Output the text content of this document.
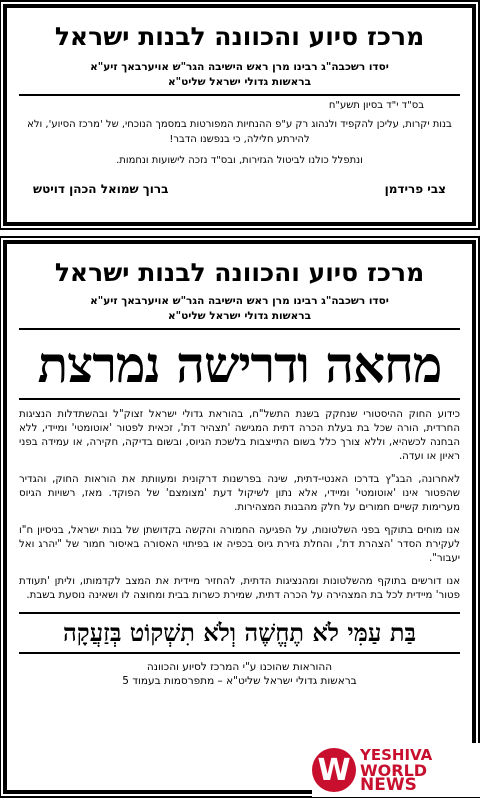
מרכז סיוע והכוונה לבנות ישראל

יסדו רשכבה"ג רבינו מרן ראש הישיבה הגר"ש אויערבאך זיע"א

בראשות גדולי ישראל שליט"א

בס"ד י"ד בסיון תשע"ח

בנות יקרות, עליכן להקפיד ולנהוג רק ע"פ ההנחיות המפורטות במסמך הנוכחי, של 'מרכז הסיוע', ולא להירתע חלילה, כי בנפשנו הדבר!

ונתפלל כולנו לביטול הגזירות, ובס"ד נזכה לישועות ונחמות.

צבי פרידמן
ברוך שמואל הכהן דויטש
מרכז סיוע והכוונה לבנות ישראל

יסדו רשכבה"ג רבינו מרן ראש הישיבה הגר"ש אויערבאך זיע"א

בראשות גדולי ישראל שליט"א

מחאה ודרישה נמרצת

כידוע החוק ההיסטורי שנחקק בשנת התשל"ח, בהוראת גדולי ישראל זצוק"ל ובהשתדלות הנציגות החרדית, הורה שכל בת בעלת הכרה דתית המגישה 'תצהיר דת', זכאית לפטור 'אוטומטי' ומיידי, ללא הבחנה לכשהיא, וללא צורך כלל בשום התייצבות בלשכת הגיוס, ובשום בדיקה, חקירה, או עמידה בפני ראיון או ועדה.

לאחרונה, הבג"ץ בדרכו האנטי-דתית, שינה בפרשנות דרקונית ומעוותת את הוראות החוק, והגדיר שהפטור אינו 'אוטומטי' ומיידי, אלא נתון לשיקול דעת 'מצומצם' של הפוקד. מאז, רשויות הגיוס מערימות קשיים חמורים על חלק מהבנות המצהירות.

אנו מוחים בתוקף בפני השלטונות, על הפגיעה החמורה והקשה בקדושתן של בנות ישראל, בניסיון ח"ו לעקירת הסדר 'הצהרת דת', והחלת גזירת גיוס בכפיה או בפיתוי האסורה באיסור חמור של "יהרג ואל יעבור".

אנו דורשים בתוקף מהשלטונות ומהנציגות הדתית, להחזיר מיידית את המצב לקדמותו, וליתן 'תעודת פטור' מיידית לכל בת המצהירה על הכרה דתית, שמירת כשרות בבית ומחוצה לו ושאינה נוסעת בשבת.

בַּת עַמִּי לֹא תֶחֱשֶׁה וְלֹא תִשְׁקוֹט בְּזַעֲקָה

ההוראות שהוכנו ע"י המרכז לסיוע והכוונה

בראשות גדולי ישראל שליט"א – מתפרסמות בעמוד 5

W YESHIVA
WORLD
NEWS
